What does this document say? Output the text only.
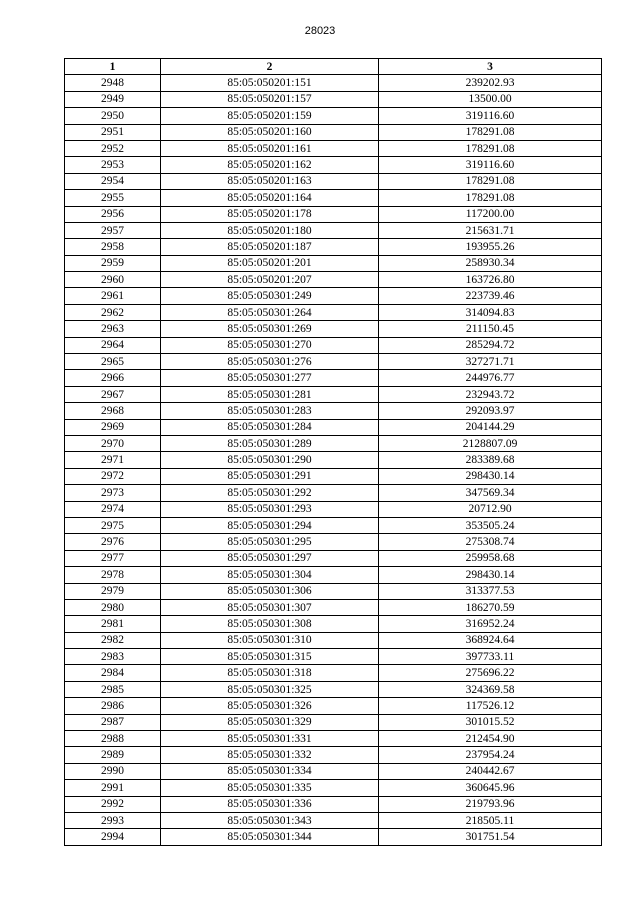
28023
1	2	3
2948	85:05:050201:151	239202.93
2949	85:05:050201:157	13500.00
2950	85:05:050201:159	319116.60
2951	85:05:050201:160	178291.08
2952	85:05:050201:161	178291.08
2953	85:05:050201:162	319116.60
2954	85:05:050201:163	178291.08
2955	85:05:050201:164	178291.08
2956	85:05:050201:178	117200.00
2957	85:05:050201:180	215631.71
2958	85:05:050201:187	193955.26
2959	85:05:050201:201	258930.34
2960	85:05:050201:207	163726.80
2961	85:05:050301:249	223739.46
2962	85:05:050301:264	314094.83
2963	85:05:050301:269	211150.45
2964	85:05:050301:270	285294.72
2965	85:05:050301:276	327271.71
2966	85:05:050301:277	244976.77
2967	85:05:050301:281	232943.72
2968	85:05:050301:283	292093.97
2969	85:05:050301:284	204144.29
2970	85:05:050301:289	2128807.09
2971	85:05:050301:290	283389.68
2972	85:05:050301:291	298430.14
2973	85:05:050301:292	347569.34
2974	85:05:050301:293	20712.90
2975	85:05:050301:294	353505.24
2976	85:05:050301:295	275308.74
2977	85:05:050301:297	259958.68
2978	85:05:050301:304	298430.14
2979	85:05:050301:306	313377.53
2980	85:05:050301:307	186270.59
2981	85:05:050301:308	316952.24
2982	85:05:050301:310	368924.64
2983	85:05:050301:315	397733.11
2984	85:05:050301:318	275696.22
2985	85:05:050301:325	324369.58
2986	85:05:050301:326	117526.12
2987	85:05:050301:329	301015.52
2988	85:05:050301:331	212454.90
2989	85:05:050301:332	237954.24
2990	85:05:050301:334	240442.67
2991	85:05:050301:335	360645.96
2992	85:05:050301:336	219793.96
2993	85:05:050301:343	218505.11
2994	85:05:050301:344	301751.54
